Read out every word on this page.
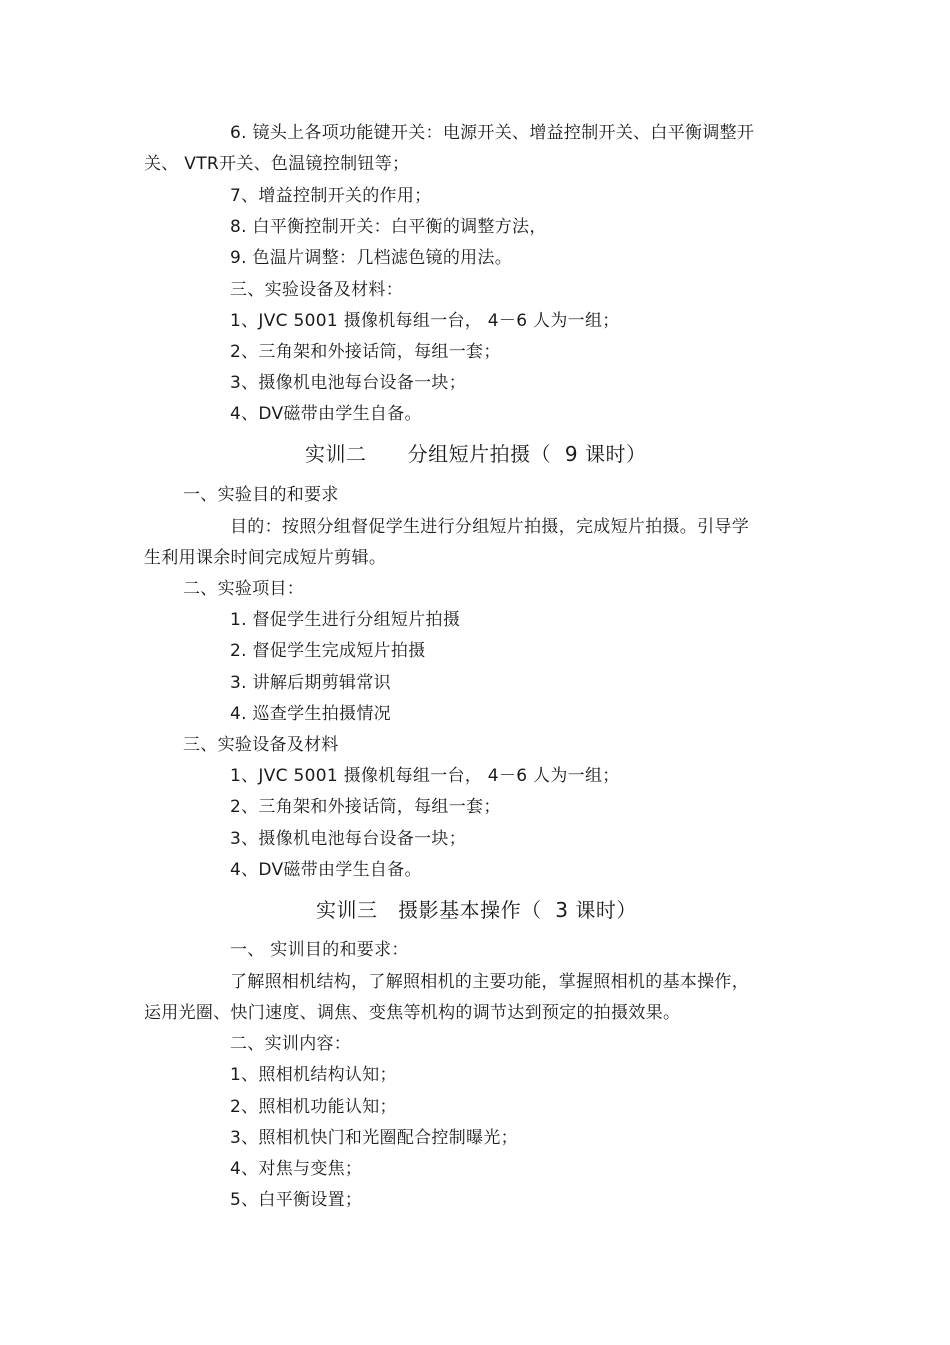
6. 镜头上各项功能键开关：电源开关、增益控制开关、白平衡调整开
关、 VTR开关、色温镜控制钮等；
7、增益控制开关的作用；
8. 白平衡控制开关：白平衡的调整方法，
9. 色温片调整：几档滤色镜的用法。
三、实验设备及材料：
1、JVC 5001 摄像机每组一台， 4－6 人为一组；
2、三角架和外接话筒，每组一套；
3、摄像机电池每台设备一块；
4、DV磁带由学生自备。
实训二      分组短片拍摄（  9 课时）
一、实验目的和要求
目的：按照分组督促学生进行分组短片拍摄，完成短片拍摄。引导学
生利用课余时间完成短片剪辑。
二、实验项目：
1. 督促学生进行分组短片拍摄
2. 督促学生完成短片拍摄
3. 讲解后期剪辑常识
4. 巡查学生拍摄情况
三、实验设备及材料
1、JVC 5001 摄像机每组一台， 4－6 人为一组；
2、三角架和外接话筒，每组一套；
3、摄像机电池每台设备一块；
4、DV磁带由学生自备。
实训三   摄影基本操作（  3 课时）
一、 实训目的和要求：
了解照相机结构，了解照相机的主要功能，掌握照相机的基本操作，
运用光圈、快门速度、调焦、变焦等机构的调节达到预定的拍摄效果。
二、实训内容：
1、照相机结构认知；
2、照相机功能认知；
3、照相机快门和光圈配合控制曝光；
4、对焦与变焦；
5、白平衡设置；
